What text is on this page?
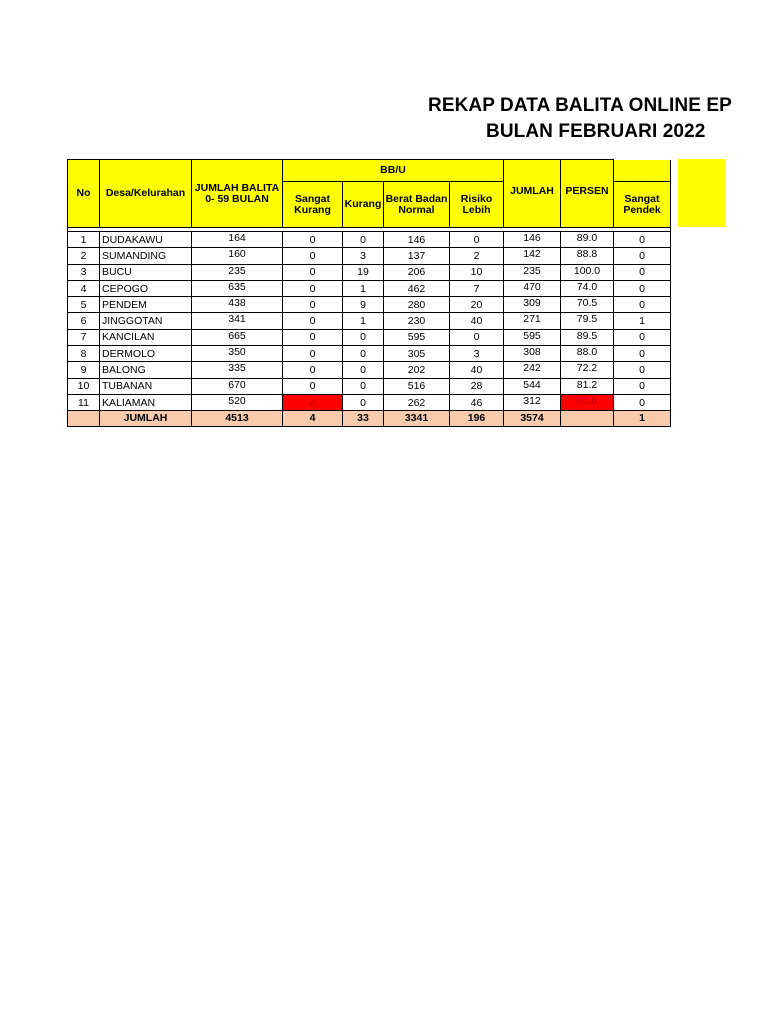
REKAP DATA BALITA ONLINE EP
BULAN FEBRUARI 2022
No	Desa/Kelurahan	JUMLAH BALITA 0- 59 BULAN	BB/U				JUMLAH	PERSEN	
			Sangat Kurang	Kurang	Berat Badan Normal	Risiko Lebih			Sangat Pendek

1	DUDAKAWU	164	0	0	146	0	146	89.0	0
2	SUMANDING	160	0	3	137	2	142	88.8	0
3	BUCU	235	0	19	206	10	235	100.0	0
4	CEPOGO	635	0	1	462	7	470	74.0	0
5	PENDEM	438	0	9	280	20	309	70.5	0
6	JINGGOTAN	341	0	1	230	40	271	79.5	1
7	KANCILAN	665	0	0	595	0	595	89.5	0
8	DERMOLO	350	0	0	305	3	308	88.0	0
9	BALONG	335	0	0	202	40	242	72.2	0
10	TUBANAN	670	0	0	516	28	544	81.2	0
11	KALIAMAN	520	4	0	262	46	312	60.0	0
	JUMLAH	4513	4	33	3341	196	3574		1
